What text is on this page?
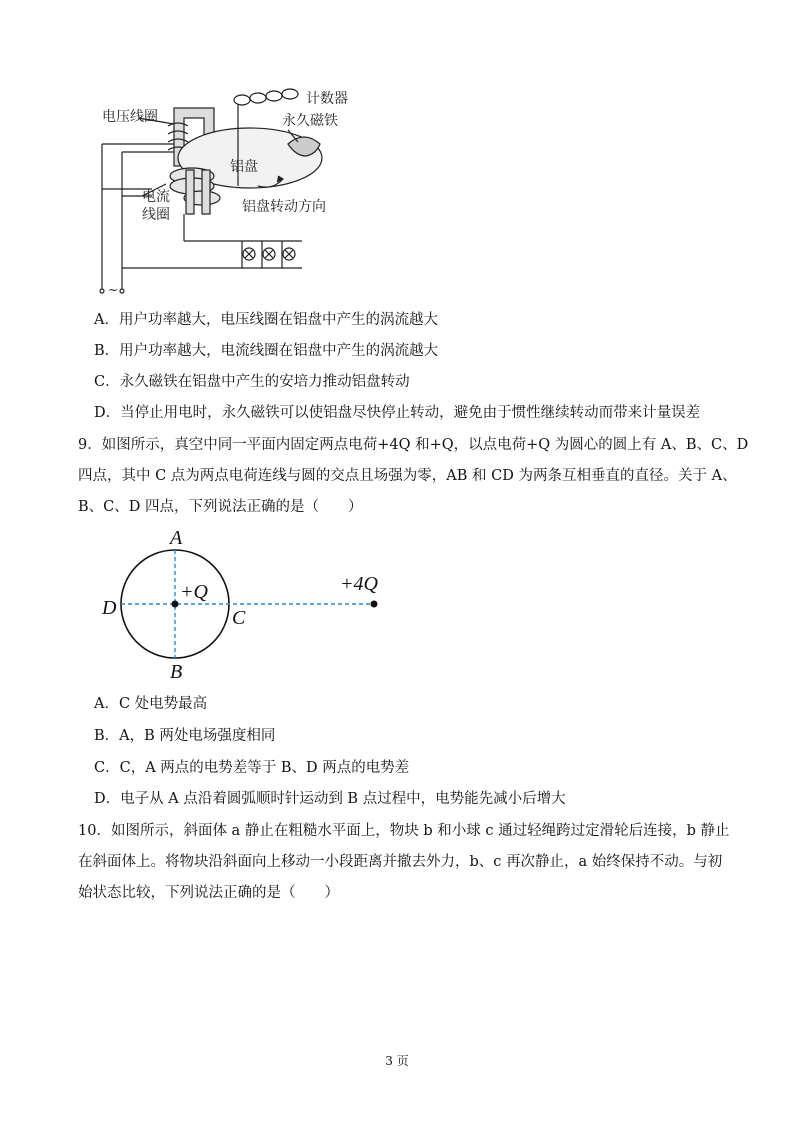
计数器
永久磁铁
电压线圈
铝盘
电流
线圈	铝盘转动方向
~
A．用户功率越大，电压线圈在铝盘中产生的涡流越大
B．用户功率越大，电流线圈在铝盘中产生的涡流越大
C．永久磁铁在铝盘中产生的安培力推动铝盘转动
D．当停止用电时，永久磁铁可以使铝盘尽快停止转动，避免由于惯性继续转动而带来计量误差
9．如图所示，真空中同一平面内固定两点电荷+4Q 和+Q，以点电荷+Q 为圆心的圆上有 A、B、C、D
四点，其中 C 点为两点电荷连线与圆的交点且场强为零，AB 和 CD 为两条互相垂直的直径。关于 A、
B、C、D 四点，下列说法正确的是（　　）
A
B
C
D
+Q	+4Q
A．C 处电势最高
B．A，B 两处电场强度相同
C．C，A 两点的电势差等于 B、D 两点的电势差
D．电子从 A 点沿着圆弧顺时针运动到 B 点过程中，电势能先减小后增大
10．如图所示，斜面体 a 静止在粗糙水平面上，物块 b 和小球 c 通过轻绳跨过定滑轮后连接，b 静止
在斜面体上。将物块沿斜面向上移动一小段距离并撤去外力，b、c 再次静止，a 始终保持不动。与初
始状态比较，下列说法正确的是（　　）
3 页
